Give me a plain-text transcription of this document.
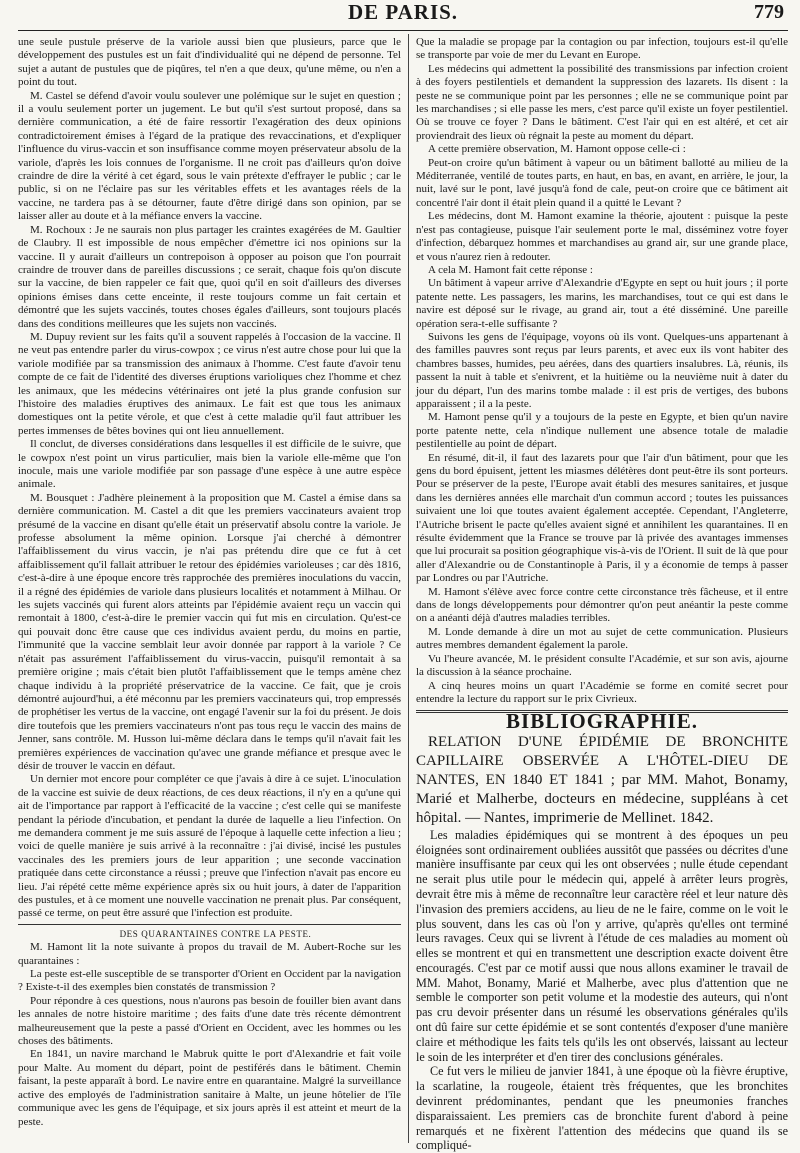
DE PARIS.	779

une seule pustule préserve de la variole aussi bien que plusieurs, parce que le développement des pustules est un fait d'individualité qui ne dépend de personne. Tel sujet a autant de pustules que de piqûres, tel n'en a que deux, qu'une même, ou n'en a point du tout.

M. Castel se défend d'avoir voulu soulever une polémique sur le sujet en question ; il a voulu seulement porter un jugement. Le but qu'il s'est surtout proposé, dans sa dernière communication, a été de faire ressortir l'exagération des deux opinions contradictoirement émises à l'égard de la pratique des revaccinations, et d'expliquer l'influence du virus-vaccin et son insuffisance comme moyen préservateur absolu de la variole, d'après les lois connues de l'organisme. Il ne croit pas d'ailleurs qu'on doive craindre de dire la vérité à cet égard, sous le vain prétexte d'effrayer le public ; car le public, si on ne l'éclaire pas sur les véritables effets et les avantages réels de la vaccine, ne tardera pas à se détourner, faute d'être dirigé dans son opinion, par se laisser aller au doute et à la méfiance envers la vaccine.

M. Rochoux : Je ne saurais non plus partager les craintes exagérées de M. Gaultier de Claubry. Il est impossible de nous empêcher d'émettre ici nos opinions sur la vaccine. Il y aurait d'ailleurs un contrepoison à opposer au poison que l'on pourrait craindre de trouver dans de pareilles discussions ; ce serait, chaque fois qu'on discute sur la vaccine, de bien rappeler ce fait que, quoi qu'il en soit d'ailleurs des diverses opinions émises dans cette enceinte, il reste toujours comme un fait certain et démontré que les sujets vaccinés, toutes choses égales d'ailleurs, sont toujours placés dans des conditions meilleures que les sujets non vaccinés.

M. Dupuy revient sur les faits qu'il a souvent rappelés à l'occasion de la vaccine. Il ne veut pas entendre parler du virus-cowpox ; ce virus n'est autre chose pour lui que la variole modifiée par sa transmission des animaux à l'homme. C'est faute d'avoir tenu compte de ce fait de l'identité des diverses éruptions varioliques chez l'homme et chez les animaux, que les médecins vétérinaires ont jeté la plus grande confusion sur l'histoire des maladies éruptives des animaux. Le fait est que tous les animaux domestiques ont la petite vérole, et que c'est à cette maladie qu'il faut attribuer les pertes immenses de bêtes bovines qui ont lieu annuellement.

Il conclut, de diverses considérations dans lesquelles il est difficile de le suivre, que le cowpox n'est point un virus particulier, mais bien la variole elle-même que l'on inocule, mais une variole modifiée par son passage d'une espèce à une autre espèce animale.

M. Bousquet : J'adhère pleinement à la proposition que M. Castel a émise dans sa dernière communication. M. Castel a dit que les premiers vaccinateurs avaient trop présumé de la vaccine en disant qu'elle était un préservatif absolu contre la variole. Je professe absolument la même opinion. Lorsque j'ai cherché à démontrer l'affaiblissement du virus vaccin, je n'ai pas prétendu dire que ce fut à cet affaiblissement qu'il fallait attribuer le retour des épidémies varioleuses ; car dès 1816, c'est-à-dire à une époque encore très rapprochée des premières inoculations du vaccin, il a régné des épidémies de variole dans plusieurs localités et notamment à Milhau. Or les sujets vaccinés qui furent alors atteints par l'épidémie avaient reçu un vaccin qui remontait à 1800, c'est-à-dire le premier vaccin qui fut mis en circulation. Qu'est-ce qui pouvait donc être cause que ces individus avaient perdu, du moins en partie, l'immunité que la vaccine semblait leur avoir donnée par rapport à la variole ? Ce n'était pas assurément l'affaiblissement du virus-vaccin, puisqu'il remontait à sa première origine ; mais c'était bien plutôt l'affaiblissement que le temps amène chez chaque individu à la propriété préservatrice de la vaccine. Ce fait, que je crois démontré aujourd'hui, a été méconnu par les premiers vaccinateurs qui, trop empressés de prophétiser les vertus de la vaccine, ont engagé l'avenir sur la foi du présent. Je dois dire toutefois que les premiers vaccinateurs n'ont pas tous reçu le vaccin des mains de Jenner, sans contrôle. M. Husson lui-même déclara dans le temps qu'il n'avait fait les premières expériences de vaccination qu'avec une grande méfiance et presque avec le désir de trouver le vaccin en défaut.

Un dernier mot encore pour compléter ce que j'avais à dire à ce sujet. L'inoculation de la vaccine est suivie de deux réactions, de ces deux réactions, il n'y en a qu'une qui ait de l'importance par rapport à l'efficacité de la vaccine ; c'est celle qui se manifeste pendant la période d'incubation, et pendant la durée de laquelle a lieu l'infection. On me demandera comment je me suis assuré de l'époque à laquelle cette infection a lieu ; voici de quelle manière je suis arrivé à la reconnaître : j'ai divisé, incisé les pustules vaccinales des les premiers jours de leur apparition ; une seconde vaccination pratiquée dans cette circonstance a réussi ; preuve que l'infection n'avait pas encore eu lieu. J'ai répété cette même expérience après six ou huit jours, à dater de l'apparition des pustules, et à ce moment une nouvelle vaccination ne prenait plus. Par conséquent, passé ce terme, on peut être assuré que l'infection est produite.

DES QUARANTAINES CONTRE LA PESTE.

M. Hamont lit la note suivante à propos du travail de M. Aubert-Roche sur les quarantaines :

La peste est-elle susceptible de se transporter d'Orient en Occident par la navigation ? Existe-t-il des exemples bien constatés de transmission ?

Pour répondre à ces questions, nous n'aurons pas besoin de fouiller bien avant dans les annales de notre histoire maritime ; des faits d'une date très récente démontrent malheureusement que la peste a passé d'Orient en Occident, avec les hommes ou les choses des bâtiments.

En 1841, un navire marchand le Mabruk quitte le port d'Alexandrie et fait voile pour Malte. Au moment du départ, point de pestiférés dans le bâtiment. Chemin faisant, la peste apparaît à bord. Le navire entre en quarantaine. Malgré la surveillance active des employés de l'administration sanitaire à Malte, un jeune hôtelier de l'île communique avec les gens de l'équipage, et six jours après il est atteint et meurt de la peste.

Que la maladie se propage par la contagion ou par infection, toujours est-il qu'elle se transporte par voie de mer du Levant en Europe.

Les médecins qui admettent la possibilité des transmissions par infection croient à des foyers pestilentiels et demandent la suppression des lazarets. Ils disent : la peste ne se communique point par les personnes ; elle ne se communique point par les marchandises ; si elle passe les mers, c'est parce qu'il existe un foyer pestilentiel. Où se trouve ce foyer ? Dans le bâtiment. C'est l'air qui en est altéré, et cet air proviendrait des lieux où régnait la peste au moment du départ.

A cette première observation, M. Hamont oppose celle-ci :

Peut-on croire qu'un bâtiment à vapeur ou un bâtiment ballotté au milieu de la Méditerranée, ventilé de toutes parts, en haut, en bas, en avant, en arrière, le jour, la nuit, lavé sur le pont, lavé jusqu'à fond de cale, peut-on croire que ce bâtiment ait concentré l'air dont il était plein quand il a quitté le Levant ?

Les médecins, dont M. Hamont examine la théorie, ajoutent : puisque la peste n'est pas contagieuse, puisque l'air seulement porte le mal, disséminez votre foyer d'infection, débarquez hommes et marchandises au grand air, sur une grande place, et vous n'aurez rien à redouter.

A cela M. Hamont fait cette réponse :

Un bâtiment à vapeur arrive d'Alexandrie d'Egypte en sept ou huit jours ; il porte patente nette. Les passagers, les marins, les marchandises, tout ce qui est dans le navire est déposé sur le rivage, au grand air, tout a été disséminé. Une pareille opération sera-t-elle suffisante ?

Suivons les gens de l'équipage, voyons où ils vont. Quelques-uns appartenant à des familles pauvres sont reçus par leurs parents, et avec eux ils vont habiter des chambres basses, humides, peu aérées, dans des quartiers insalubres. Là, réunis, ils passent la nuit à table et s'enivrent, et la huitième ou la neuvième nuit à dater du jour du départ, l'un des marins tombe malade : il est pris de vertiges, des bubons apparaissent ; il a la peste.

M. Hamont pense qu'il y a toujours de la peste en Egypte, et bien qu'un navire porte patente nette, cela n'indique nullement une absence totale de maladie pestilentielle au point de départ.

En résumé, dit-il, il faut des lazarets pour que l'air d'un bâtiment, pour que les gens du bord épuisent, jettent les miasmes délétères dont peut-être ils sont porteurs. Pour se préserver de la peste, l'Europe avait établi des mesures sanitaires, et jusque dans les dernières années elle marchait d'un commun accord ; toutes les puissances suivaient une loi que toutes avaient également acceptée. Cependant, l'Angleterre, l'Autriche brisent le pacte qu'elles avaient signé et annihilent les quarantaines. Il en résulte évidemment que la France se trouve par là privée des avantages immenses que lui procurait sa position géographique vis-à-vis de l'Orient. Il suit de là que pour aller d'Alexandrie ou de Constantinople à Paris, il y a économie de temps à passer par Londres ou par l'Autriche.

M. Hamont s'élève avec force contre cette circonstance très fâcheuse, et il entre dans de longs développements pour démontrer qu'on peut anéantir la peste comme on a anéanti déjà d'autres maladies terribles.

M. Londe demande à dire un mot au sujet de cette communication. Plusieurs autres membres demandent également la parole.

Vu l'heure avancée, M. le président consulte l'Académie, et sur son avis, ajourne la discussion à la séance prochaine.

A cinq heures moins un quart l'Académie se forme en comité secret pour entendre la lecture du rapport sur le prix Civrieux.

BIBLIOGRAPHIE.

RELATION D'UNE ÉPIDÉMIE DE BRONCHITE CAPILLAIRE OBSERVÉE A L'HÔTEL-DIEU DE NANTES, EN 1840 ET 1841 ; par MM. Mahot, Bonamy, Marié et Malherbe, docteurs en médecine, suppléans à cet hôpital. — Nantes, imprimerie de Mellinet. 1842.

Les maladies épidémiques qui se montrent à des époques un peu éloignées sont ordinairement oubliées aussitôt que passées ou décrites d'une manière insuffisante par ceux qui les ont observées ; nulle étude cependant ne serait plus utile pour le médecin qui, appelé à arrêter leurs progrès, devrait être mis à même de reconnaître leur caractère réel et leur nature dès l'invasion des premiers accidens, au lieu de ne le faire, comme on le voit le plus souvent, dans les cas où l'on y arrive, qu'après qu'elles ont terminé leurs ravages. Ceux qui se livrent à l'étude de ces maladies au moment où elles se montrent et qui en transmettent une description exacte doivent être encouragés. C'est par ce motif aussi que nous allons examiner le travail de MM. Mahot, Bonamy, Marié et Malherbe, avec plus d'attention que ne semble le comporter son petit volume et la modestie des auteurs, qui n'ont pas cru devoir présenter dans un résumé les observations générales qu'ils ont dû faire sur cette épidémie et se sont contentés d'exposer d'une manière claire et méthodique les faits tels qu'ils les ont observés, laissant au lecteur le soin de les interpréter et d'en tirer des conclusions générales.

Ce fut vers le milieu de janvier 1841, à une époque où la fièvre éruptive, la scarlatine, la rougeole, étaient très fréquentes, que les bronchites devinrent prédominantes, pendant que les pneumonies franches disparaissaient. Les premiers cas de bronchite furent d'abord à peine remarqués et ne fixèrent l'attention des médecins que quand ils se compliqué-
